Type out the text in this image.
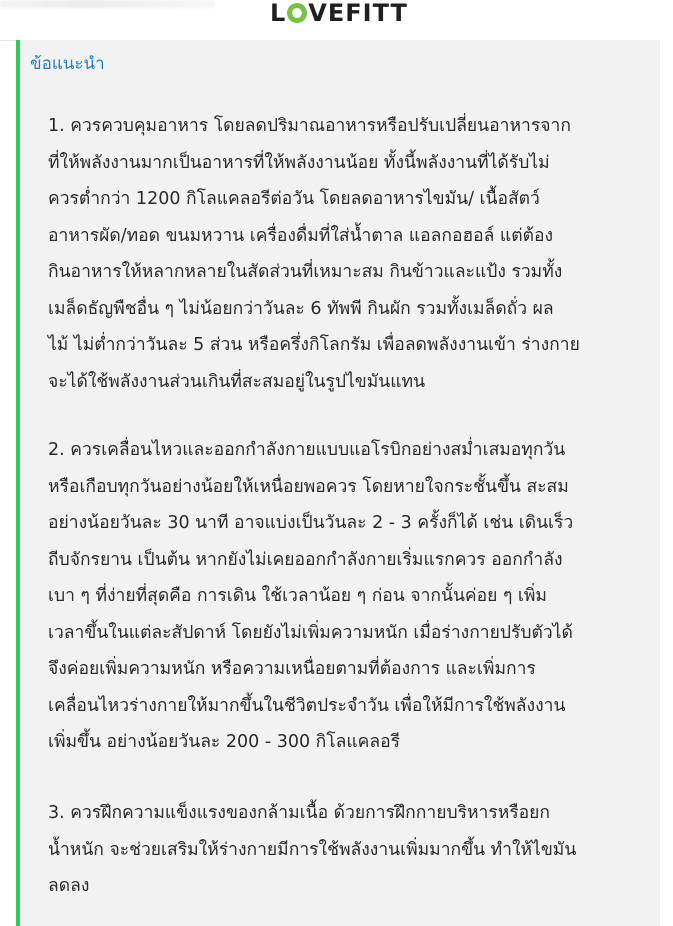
L VEFITT
ข้อแนะนำ

1. ควรควบคุมอาหาร โดยลดปริมาณอาหารหรือปรับเปลี่ยนอาหารจาก
ที่ให้พลังงานมากเป็นอาหารที่ให้พลังงานน้อย ทั้งนี้พลังงานที่ได้รับไม่
ควรต่ำกว่า 1200 กิโลแคลอรีต่อวัน โดยลดอาหารไขมัน/ เนื้อสัตว์
อาหารผัด/ทอด ขนมหวาน เครื่องดื่มที่ใส่น้ำตาล แอลกอฮอล์ แต่ต้อง
กินอาหารให้หลากหลายในสัดส่วนที่เหมาะสม กินข้าวและแป้ง รวมทั้ง
เมล็ดธัญพืชอื่น ๆ ไม่น้อยกว่าวันละ 6 ทัพพี กินผัก รวมทั้งเมล็ดถั่ว ผล
ไม้ ไม่ต่ำกว่าวันละ 5 ส่วน หรือครึ่งกิโลกรัม เพื่อลดพลังงานเข้า ร่างกาย
จะได้ใช้พลังงานส่วนเกินที่สะสมอยู่ในรูปไขมันแทน

2. ควรเคลื่อนไหวและออกกำลังกายแบบแอโรบิกอย่างสม่ำเสมอทุกวัน
หรือเกือบทุกวันอย่างน้อยให้เหนื่อยพอควร โดยหายใจกระชั้นขึ้น สะสม
อย่างน้อยวันละ 30 นาที อาจแบ่งเป็นวันละ 2 - 3 ครั้งก็ได้ เช่น เดินเร็ว
ถีบจักรยาน เป็นต้น หากยังไม่เคยออกกำลังกายเริ่มแรกควร ออกกำลัง
เบา ๆ ที่ง่ายที่สุดคือ การเดิน ใช้เวลาน้อย ๆ ก่อน จากนั้นค่อย ๆ เพิ่ม
เวลาขึ้นในแต่ละสัปดาห์ โดยยังไม่เพิ่มความหนัก เมื่อร่างกายปรับตัวได้
จึงค่อยเพิ่มความหนัก หรือความเหนื่อยตามที่ต้องการ และเพิ่มการ
เคลื่อนไหวร่างกายให้มากขึ้นในชีวิตประจำวัน เพื่อให้มีการใช้พลังงาน
เพิ่มขึ้น อย่างน้อยวันละ 200 - 300 กิโลแคลอรี

3. ควรฝึกความแข็งแรงของกล้ามเนื้อ ด้วยการฝึกกายบริหารหรือยก
น้ำหนัก จะช่วยเสริมให้ร่างกายมีการใช้พลังงานเพิ่มมากขึ้น ทำให้ไขมัน
ลดลง
